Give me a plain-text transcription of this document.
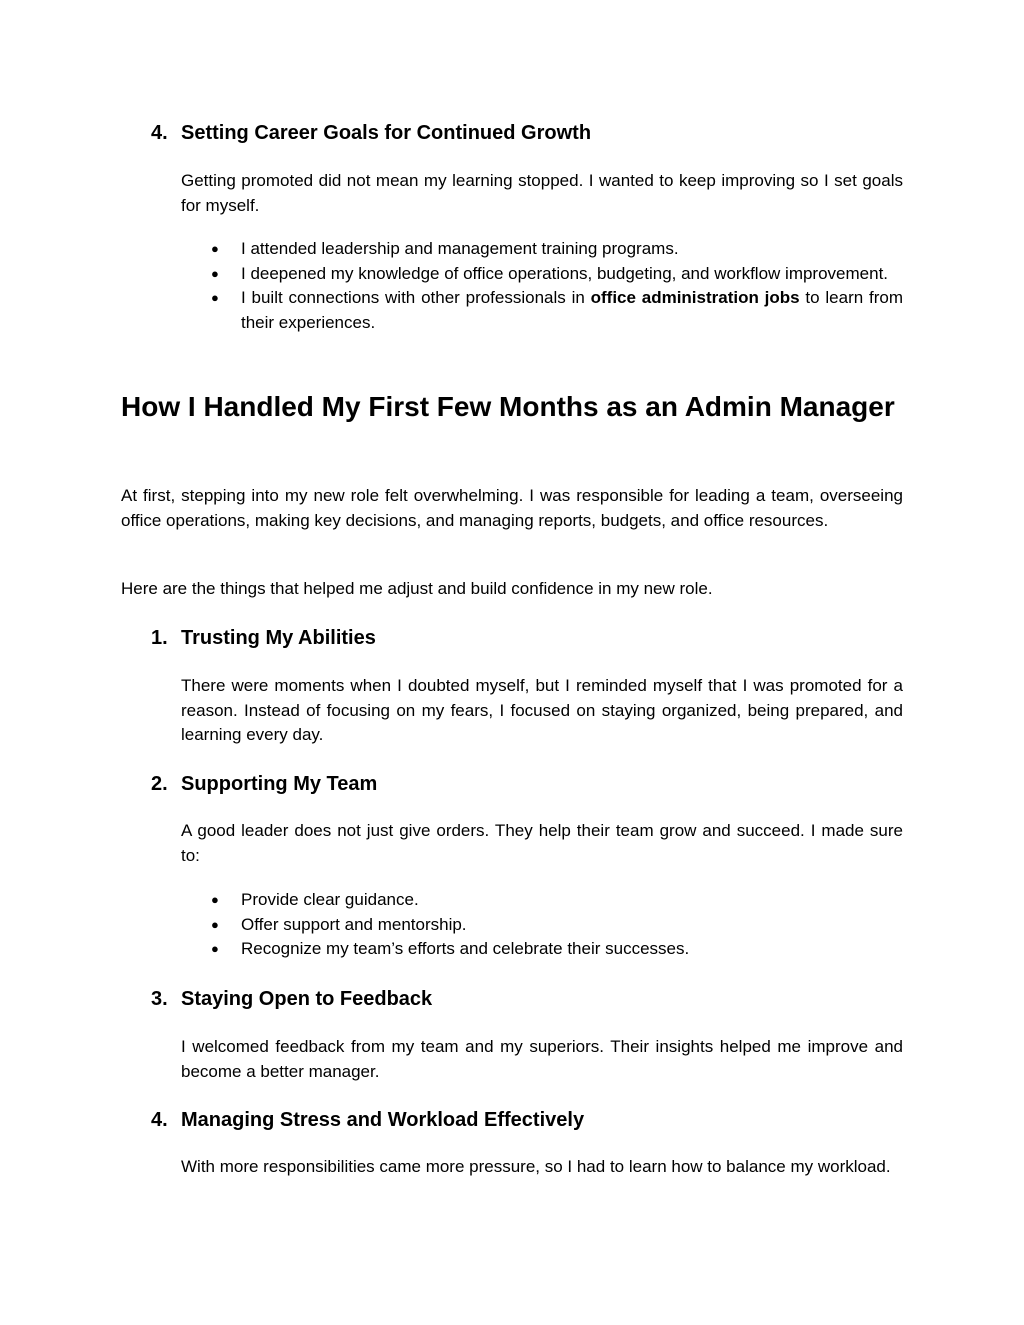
4. Setting Career Goals for Continued Growth

Getting promoted did not mean my learning stopped. I wanted to keep improving so I set goals for myself.

● I attended leadership and management training programs.
● I deepened my knowledge of office operations, budgeting, and workflow improvement.
● I built connections with other professionals in office administration jobs to learn from their experiences.
How I Handled My First Few Months as an Admin Manager

At first, stepping into my new role felt overwhelming. I was responsible for leading a team, overseeing office operations, making key decisions, and managing reports, budgets, and office resources.

Here are the things that helped me adjust and build confidence in my new role.

1. Trusting My Abilities

There were moments when I doubted myself, but I reminded myself that I was promoted for a reason. Instead of focusing on my fears, I focused on staying organized, being prepared, and learning every day.

2. Supporting My Team

A good leader does not just give orders. They help their team grow and succeed. I made sure to:

● Provide clear guidance.
● Offer support and mentorship.
● Recognize my team’s efforts and celebrate their successes.
3. Staying Open to Feedback

I welcomed feedback from my team and my superiors. Their insights helped me improve and become a better manager.

4. Managing Stress and Workload Effectively

With more responsibilities came more pressure, so I had to learn how to balance my workload.
